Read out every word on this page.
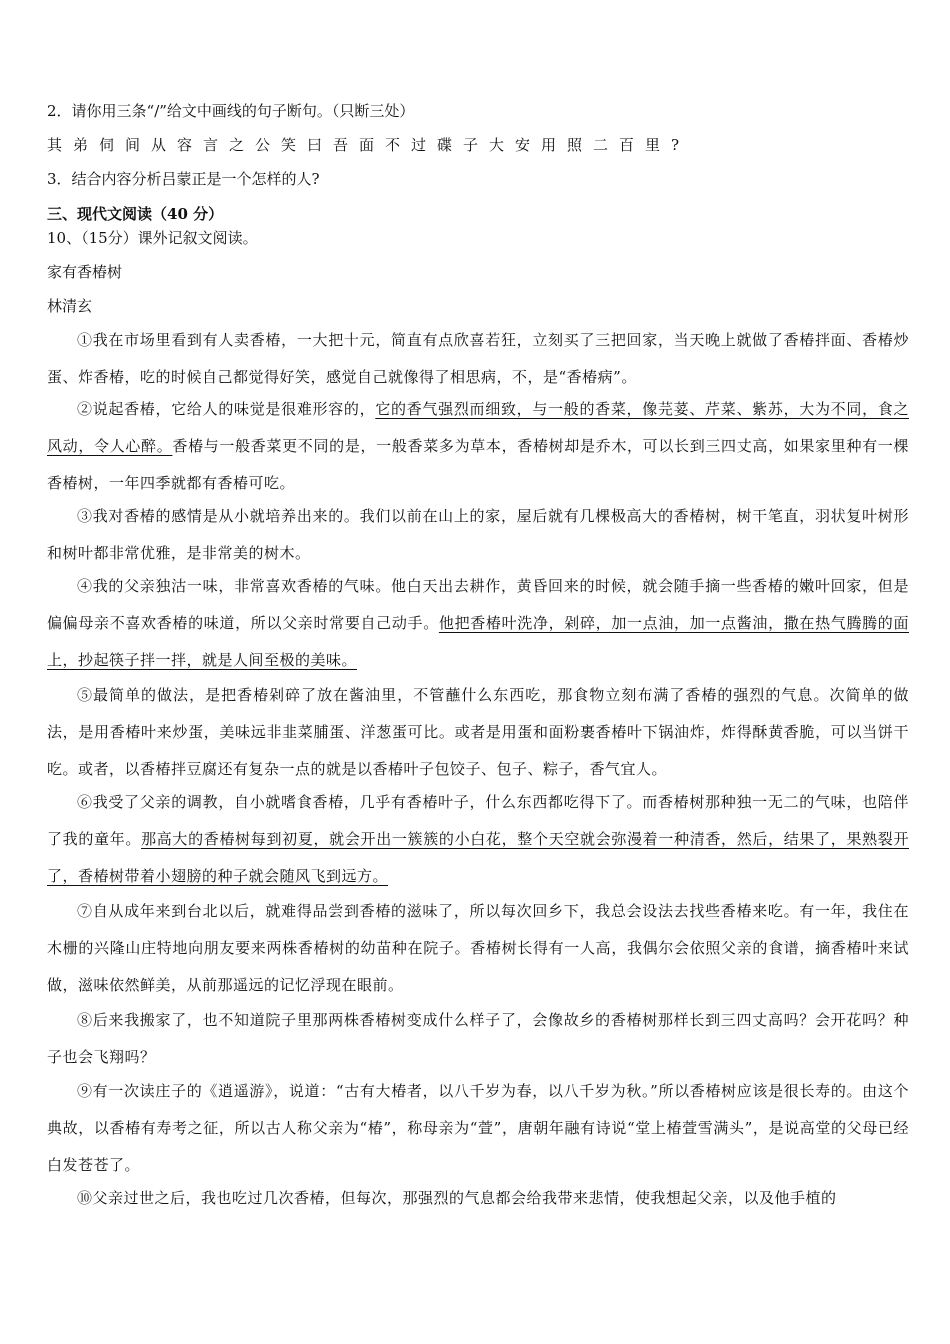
2．请你用三条“/”给文中画线的句子断句。（只断三处）
其弟伺间从容言之公笑曰吾面不过碟子大安用照二百里?
3．结合内容分析吕蒙正是一个怎样的人?
三、现代文阅读（40 分）
10、（15分）课外记叙文阅读。
家有香椿树
林清玄
①我在市场里看到有人卖香椿，一大把十元，简直有点欣喜若狂，立刻买了三把回家，当天晚上就做了香椿拌面、香椿炒蛋、炸香椿，吃的时候自己都觉得好笑，感觉自己就像得了相思病，不，是“香椿病”。
②说起香椿，它给人的味觉是很难形容的，它的香气强烈而细致，与一般的香菜，像芫荽、芹菜、紫苏，大为不同，食之风动，令人心醉。香椿与一般香菜更不同的是，一般香菜多为草本，香椿树却是乔木，可以长到三四丈高，如果家里种有一棵香椿树，一年四季就都有香椿可吃。
③我对香椿的感情是从小就培养出来的。我们以前在山上的家，屋后就有几棵极高大的香椿树，树干笔直，羽状复叶树形和树叶都非常优雅，是非常美的树木。
④我的父亲独沽一味，非常喜欢香椿的气味。他白天出去耕作，黄昏回来的时候，就会随手摘一些香椿的嫩叶回家，但是偏偏母亲不喜欢香椿的味道，所以父亲时常要自己动手。他把香椿叶洗净，剁碎，加一点油，加一点酱油，撒在热气腾腾的面上，抄起筷子拌一拌，就是人间至极的美味。
⑤最简单的做法，是把香椿剁碎了放在酱油里，不管蘸什么东西吃，那食物立刻布满了香椿的强烈的气息。次简单的做法，是用香椿叶来炒蛋，美味远非韭菜脯蛋、洋葱蛋可比。或者是用蛋和面粉裹香椿叶下锅油炸，炸得酥黄香脆，可以当饼干吃。或者，以香椿拌豆腐还有复杂一点的就是以香椿叶子包饺子、包子、粽子，香气宜人。
⑥我受了父亲的调教，自小就嗜食香椿，几乎有香椿叶子，什么东西都吃得下了。而香椿树那种独一无二的气味，也陪伴了我的童年。那高大的香椿树每到初夏，就会开出一簇簇的小白花，整个天空就会弥漫着一种清香，然后，结果了，果熟裂开了，香椿树带着小翅膀的种子就会随风飞到远方。
⑦自从成年来到台北以后，就难得品尝到香椿的滋味了，所以每次回乡下，我总会设法去找些香椿来吃。有一年，我住在木栅的兴隆山庄特地向朋友要来两株香椿树的幼苗种在院子。香椿树长得有一人高，我偶尔会依照父亲的食谱，摘香椿叶来试做，滋味依然鲜美，从前那遥远的记忆浮现在眼前。
⑧后来我搬家了，也不知道院子里那两株香椿树变成什么样子了，会像故乡的香椿树那样长到三四丈高吗？会开花吗？种子也会飞翔吗？
⑨有一次读庄子的《逍遥游》，说道：“古有大椿者，以八千岁为春，以八千岁为秋。”所以香椿树应该是很长寿的。由这个典故，以香椿有寿考之征，所以古人称父亲为“椿”，称母亲为“萱”，唐朝年融有诗说“堂上椿萱雪满头”，是说高堂的父母已经白发苍苍了。
⑩父亲过世之后，我也吃过几次香椿，但每次，那强烈的气息都会给我带来悲情，使我想起父亲，以及他手植的
